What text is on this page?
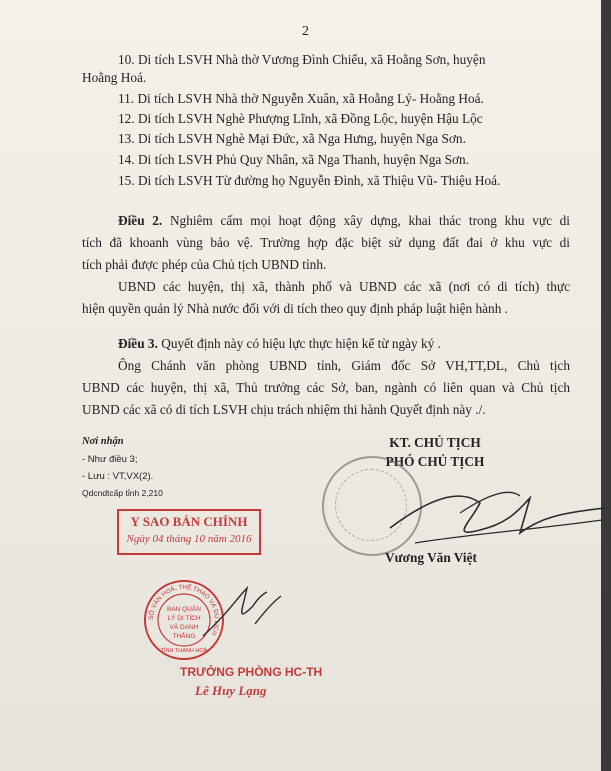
2
10. Di tích LSVH Nhà thờ Vương Đình Chiểu, xã Hoằng Sơn, huyện
Hoằng Hoá.
11. Di tích LSVH Nhà thờ Nguyễn Xuân, xã Hoằng Lý- Hoằng Hoá.
12. Di tích LSVH Nghè Phượng Lĩnh, xã Đồng Lộc, huyện Hậu Lộc
13. Di tích LSVH Nghè Mại Đức, xã Nga Hưng, huyện Nga Sơn.
14. Di tích LSVH Phủ Quy Nhân, xã Nga Thanh, huyện Nga Sơn.
15. Di tích LSVH Từ đường họ Nguyễn Đình, xã Thiệu Vũ- Thiệu Hoá.
Điều 2. Nghiêm cấm mọi hoạt động xây dựng, khai thác trong khu vực di
tích đã khoanh vùng bảo vệ. Trường hợp đặc biệt sử dụng đất đai ở khu vực di
tích phải được phép của Chủ tịch UBND tỉnh.
UBND các huyện, thị xã, thành phố và UBND các xã (nơi có di tích) thực
hiện quyền quản lý Nhà nước đối với di tích theo quy định pháp luật hiện hành .
Điều 3. Quyết định này có hiệu lực thực hiện kể từ ngày ký .
Ông Chánh văn phòng UBND tỉnh, Giám đốc Sở VH,TT,DL, Chủ tịch
UBND các huyện, thị xã, Thủ trưởng các Sở, ban, ngành có liên quan và Chủ tịch
UBND các xã có di tích LSVH chịu trách nhiệm thi hành Quyết định này ./.
Nơi nhận
- Như điều 3;
- Lưu : VT,VX(2).
Qdcndtcấp tỉnh 2,210
KT. CHỦ TỊCH
PHÓ CHỦ TỊCH
Vương Văn Việt
Y SAO BẢN CHÍNH
Ngày 04 tháng 10 năm 2016
SỞ VĂN HOÁ, THỂ THAO VÀ DU LỊCH
TỈNH THANH HOÁ
BAN QUẢN LÝ DI TÍCH VÀ DANH THẮNG
TRƯỞNG PHÒNG HC-TH
Lê Huy Lạng
